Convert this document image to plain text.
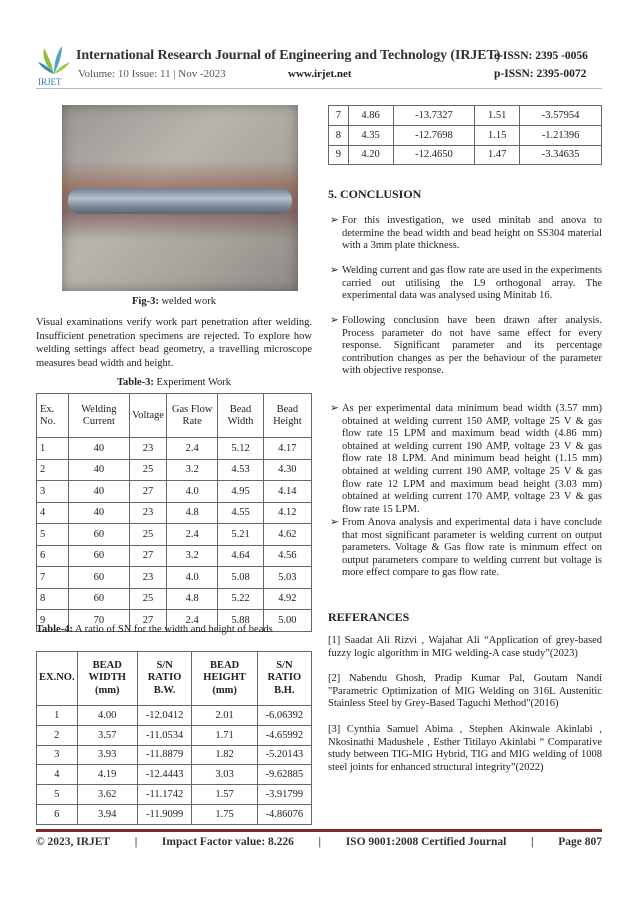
IRJET
International Research Journal of Engineering and Technology (IRJET)
e-ISSN: 2395 -0056
Volume: 10 Issue: 11 | Nov -2023	www.irjet.net	p-ISSN: 2395-0072
Fig-3: welded work
Visual examinations verify work part penetration after welding. Insufficient penetration specimens are rejected. To explore how welding settings affect bead geometry, a travelling microscope measures bead width and height.
Table-3: Experiment Work
Ex. No.	Welding Current	Voltage	Gas Flow Rate	Bead Width	Bead Height
1	40	23	2.4	5.12	4.17
2	40	25	3.2	4.53	4.30
3	40	27	4.0	4.95	4.14
4	40	23	4.8	4.55	4.12
5	60	25	2.4	5.21	4.62
6	60	27	3.2	4.64	4.56
7	60	23	4.0	5.08	5.03
8	60	25	4.8	5.22	4.92
9	70	27	2.4	5.88	5.00
Table-4: A ratio of SN for the width and height of beads
EX.NO.	BEAD WIDTH (mm)	S/N RATIO B.W.	BEAD HEIGHT (mm)	S/N RATIO B.H.
1	4.00	-12.0412	2.01	-6.06392
2	3.57	-11.0534	1.71	-4.65992
3	3.93	-11.8879	1.82	-5.20143
4	4.19	-12.4443	3.03	-9.62885
5	3.62	-11.1742	1.57	-3.91799
6	3.94	-11.9099	1.75	-4.86076
7	4.86	-13.7327	1.51	-3.57954
8	4.35	-12.7698	1.15	-1.21396
9	4.20	-12.4650	1.47	-3.34635
5. CONCLUSION
➢ For this investigation, we used minitab and anova to determine the bead width and bead height on SS304 material with a 3mm plate thickness.
➢ Welding current and gas flow rate are used in the experiments carried out utilising the L9 orthogonal array. The experimental data was analysed using Minitab 16.
➢ Following conclusion have been drawn after analysis. Process parameter do not have same effect for every response. Significant parameter and its percentage contribution changes as per the behaviour of the parameter with objective response.
➢ As per experimental data minimum bead width (3.57 mm) obtained at welding current 150 AMP, voltage 25 V & gas flow rate 15 LPM and maximum bead width (4.86 mm) obtained at welding current 190 AMP, voltage 23 V & gas flow rate 18 LPM. And minimum bead height (1.15 mm) obtained at welding current 190 AMP, voltage 25 V & gas flow rate 12 LPM and maximum bead height (3.03 mm) obtained at welding current 170 AMP, voltage 23 V & gas flow rate 15 LPM.
➢ From Anova analysis and experimental data i have conclude that most significant parameter is welding current on output parameters. Voltage & Gas flow rate is minmum effect on output parameters compare to welding current but voltage is more effect compare to gas flow rate.
REFERANCES
[1] Saadat Ali Rizvi , Wajahat Ali “Application of grey-based fuzzy logic algorithm in MIG welding-A case study”(2023)
[2] Nabendu Ghosh, Pradip Kumar Pal, Goutam Nandi "Parametric Optimization of MIG Welding on 316L Austenitic Stainless Steel by Grey-Based Taguchi Method"(2016)
[3] Cynthia Samuel Abima , Stephen Akinwale Akinlabi , Nkosinathi Madushele , Esther Titilayo Akinlabi “ Comparative study between TIG-MIG Hybrid, TIG and MIG welding of 1008 steel joints for enhanced structural integrity”(2022)
© 2023, IRJET | Impact Factor value: 8.226 | ISO 9001:2008 Certified Journal | Page 807
